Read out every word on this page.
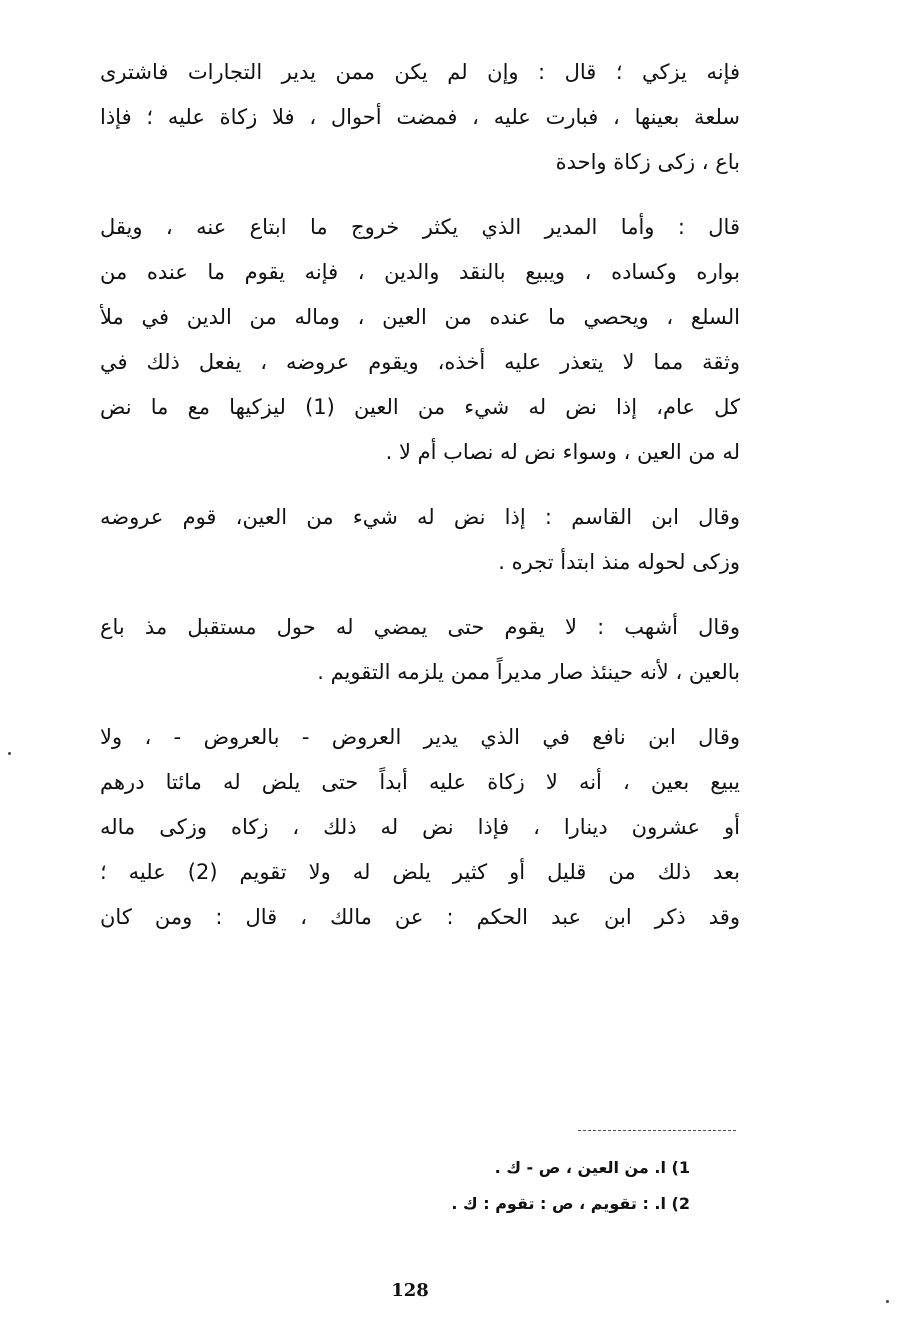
فإنه يزكي ؛ قال : وإن لم يكن ممن يدير التجارات فاشترى
سلعة بعينها ، فبارت عليه ، فمضت أحوال ، فلا زكاة عليه ؛ فإذا
باع ، زكى زكاة واحدة

قال : وأما المدير الذي يكثر خروج ما ابتاع عنه ، ويقل
بواره وكساده ، ويبيع بالنقد والدين ، فإنه يقوم ما عنده من
السلع ، ويحصي ما عنده من العين ، وماله من الدين في ملأ
وثقة مما لا يتعذر عليه أخذه، ويقوم عروضه ، يفعل ذلك في
كل عام، إذا نض له شيء من العين (1) ليزكيها مع ما نض
له من العين ، وسواء نض له نصاب أم لا .

وقال ابن القاسم : إذا نض له شيء من العين، قوم عروضه
وزكى لحوله منذ ابتدأ تجره .

وقال أشهب : لا يقوم حتى يمضي له حول مستقبل مذ باع
بالعين ، لأنه حينئذ صار مديراً ممن يلزمه التقويم .

وقال ابن نافع في الذي يدير العروض - بالعروض - ، ولا
يبيع بعين ، أنه لا زكاة عليه أبداً حتى يلض له مائتا درهم
أو عشرون دينارا ، فإذا نض له ذلك ، زكاه وزكى ماله
بعد ذلك من قليل أو كثير يلض له ولا تقويم (2) عليه ؛
وقد ذكر ابن عبد الحكم : عن مالك ، قال : ومن كان

1) ا. من العين ، ص - ك .
2) ا. : تقويم ، ص : تقوم : ك .
128
